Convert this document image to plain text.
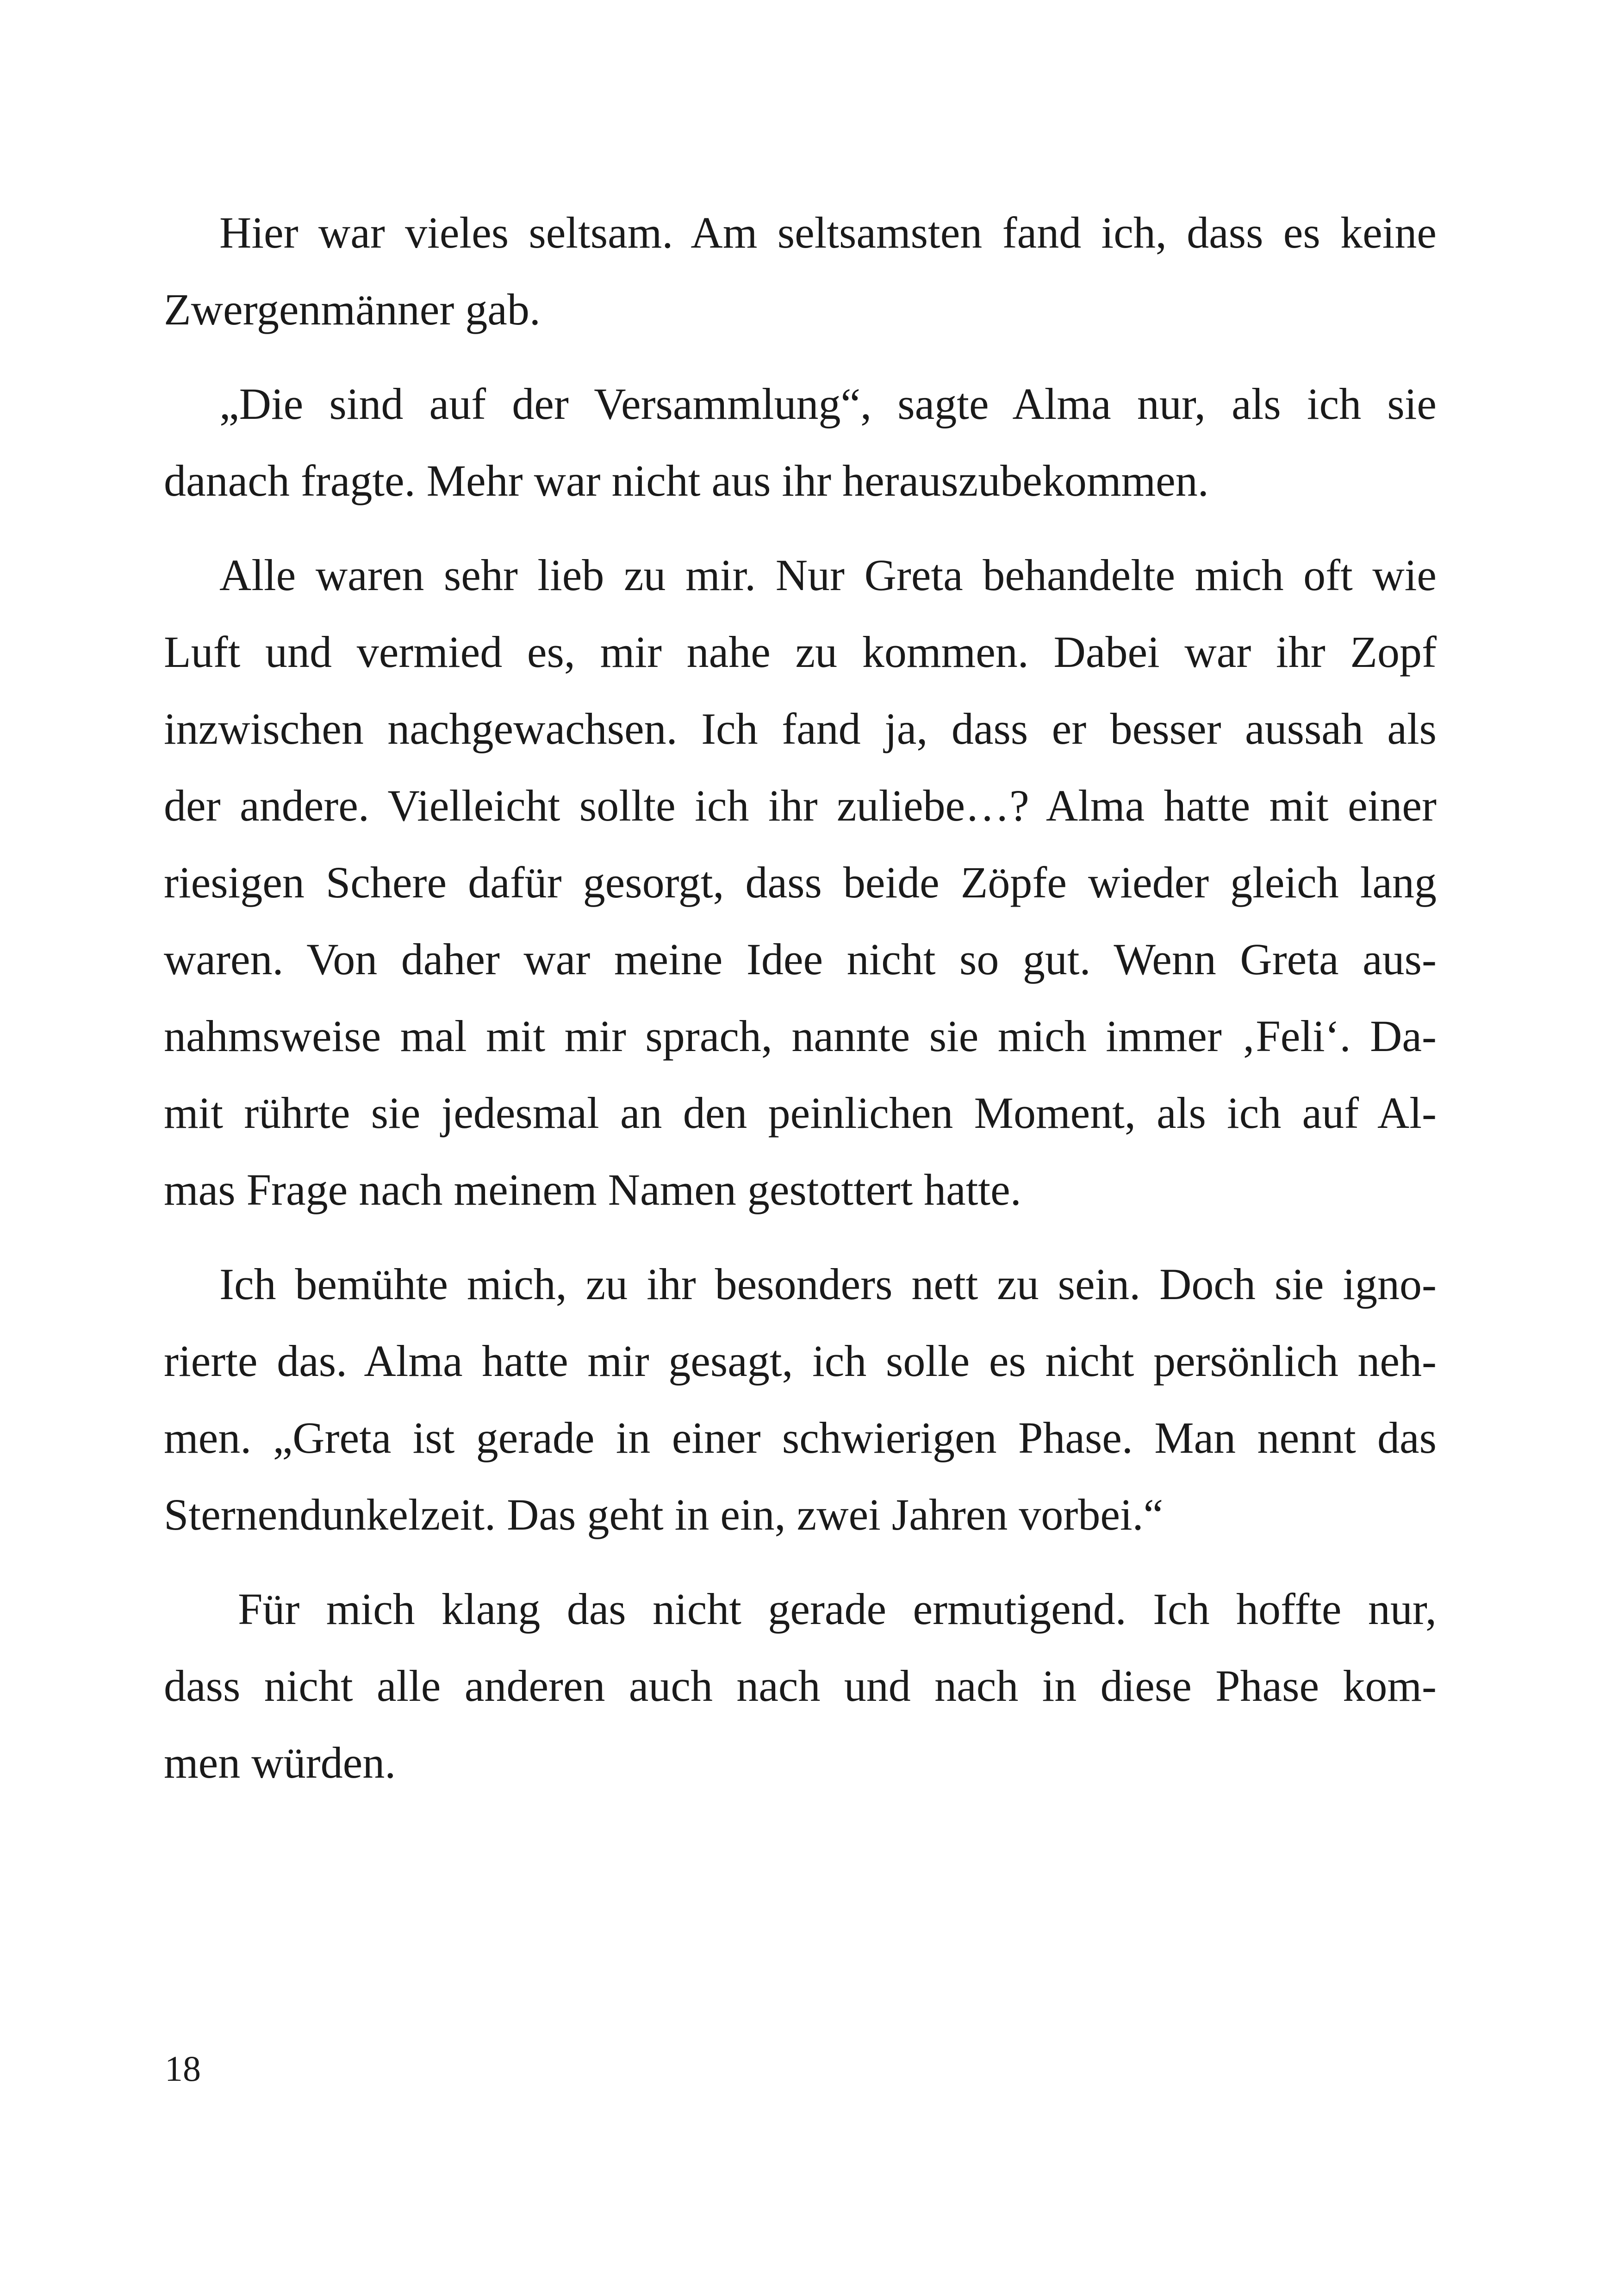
Hier war vieles seltsam. Am seltsamsten fand ich, dass es keine
Zwergenmänner gab.

„Die sind auf der Versammlung“, sagte Alma nur, als ich sie
danach fragte. Mehr war nicht aus ihr herauszubekommen.

Alle waren sehr lieb zu mir. Nur Greta behandelte mich oft wie
Luft und vermied es, mir nahe zu kommen. Dabei war ihr Zopf
inzwischen nachgewachsen. Ich fand ja, dass er besser aussah als
der andere. Vielleicht sollte ich ihr zuliebe…? Alma hatte mit einer
riesigen Schere dafür gesorgt, dass beide Zöpfe wieder gleich lang
waren. Von daher war meine Idee nicht so gut. Wenn Greta aus-
nahmsweise mal mit mir sprach, nannte sie mich immer ‚Feli‘. Da-
mit rührte sie jedesmal an den peinlichen Moment, als ich auf Al-
mas Frage nach meinem Namen gestottert hatte.

Ich bemühte mich, zu ihr besonders nett zu sein. Doch sie igno-
rierte das. Alma hatte mir gesagt, ich solle es nicht persönlich neh-
men. „Greta ist gerade in einer schwierigen Phase. Man nennt das
Sternendunkelzeit. Das geht in ein, zwei Jahren vorbei.“

Für mich klang das nicht gerade ermutigend. Ich hoffte nur,
dass nicht alle anderen auch nach und nach in diese Phase kom-
men würden.

18
